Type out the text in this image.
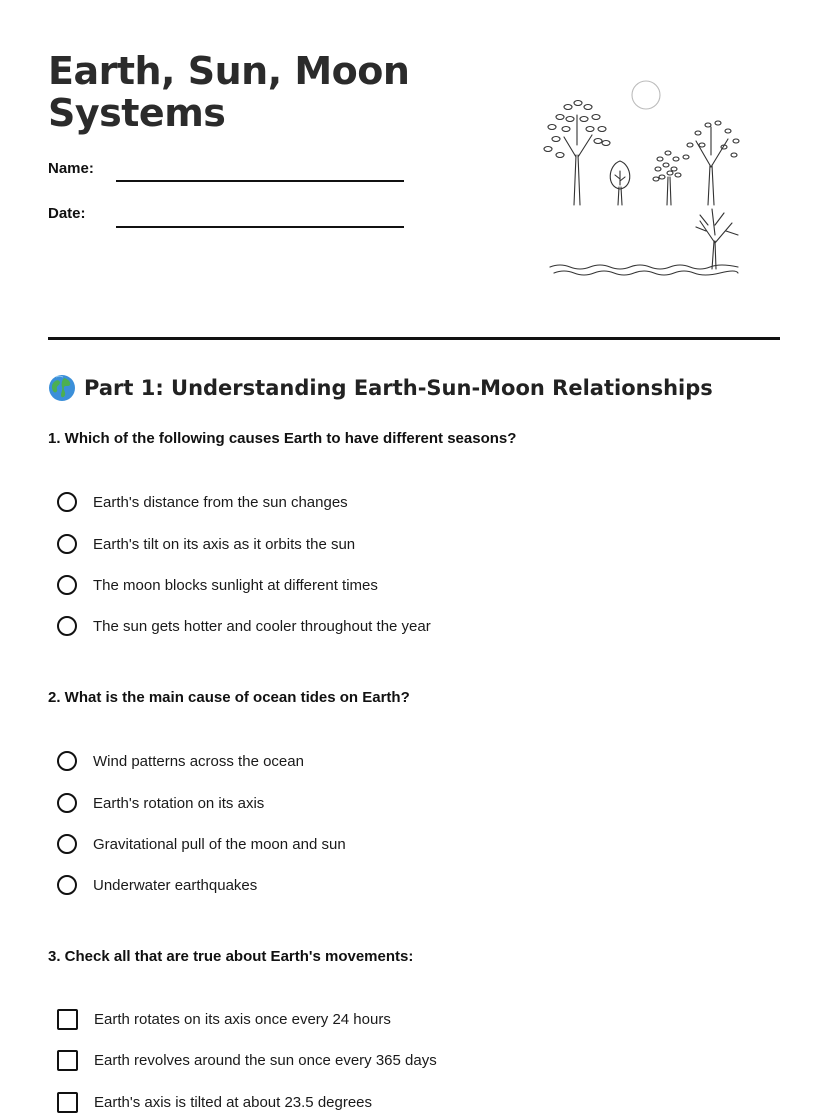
Earth, Sun, Moon
Systems
Name:
Date:
Part 1: Understanding Earth-Sun-Moon Relationships

1. Which of the following causes Earth to have different seasons?

Earth's distance from the sun changes
Earth's tilt on its axis as it orbits the sun
The moon blocks sunlight at different times
The sun gets hotter and cooler throughout the year

2. What is the main cause of ocean tides on Earth?

Wind patterns across the ocean
Earth's rotation on its axis
Gravitational pull of the moon and sun
Underwater earthquakes

3. Check all that are true about Earth's movements:

Earth rotates on its axis once every 24 hours
Earth revolves around the sun once every 365 days
Earth's axis is tilted at about 23.5 degrees
